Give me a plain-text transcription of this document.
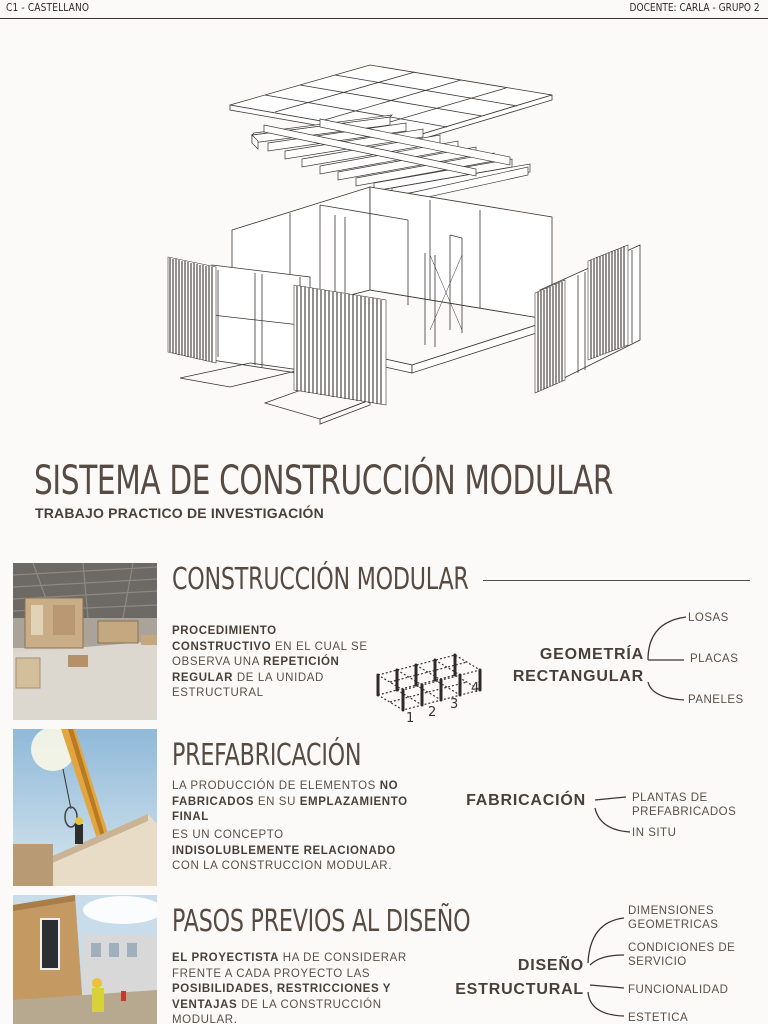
C1 - CASTELLANO	DOCENTE: CARLA - GRUPO 2
SISTEMA DE CONSTRUCCIÓN MODULAR
TRABAJO PRACTICO DE INVESTIGACIÓN
CONSTRUCCIÓN MODULAR
PROCEDIMIENTO CONSTRUCTIVO EN EL CUAL SE OBSERVA UNA REPETICIÓN REGULAR DE LA UNIDAD ESTRUCTURAL
1 2
3
4
GEOMETRÍA
RECTANGULAR
LOSAS
PLACAS
PANELES
PREFABRICACIÓN
LA PRODUCCIÓN DE ELEMENTOS NO FABRICADOS EN SU EMPLAZAMIENTO FINAL
ES UN CONCEPTO INDISOLUBLEMENTE RELACIONADO CON LA CONSTRUCCION MODULAR.
FABRICACIÓN	PLANTAS DE PREFABRICADOS
IN SITU
PASOS PREVIOS AL DISEÑO
EL PROYECTISTA HA DE CONSIDERAR FRENTE A CADA PROYECTO LAS POSIBILIDADES, RESTRICCIONES Y VENTAJAS DE LA CONSTRUCCIÓN MODULAR.
DISEÑO
ESTRUCTURAL
DIMENSIONES GEOMETRICAS
CONDICIONES DE SERVICIO
FUNCIONALIDAD
ESTETICA
